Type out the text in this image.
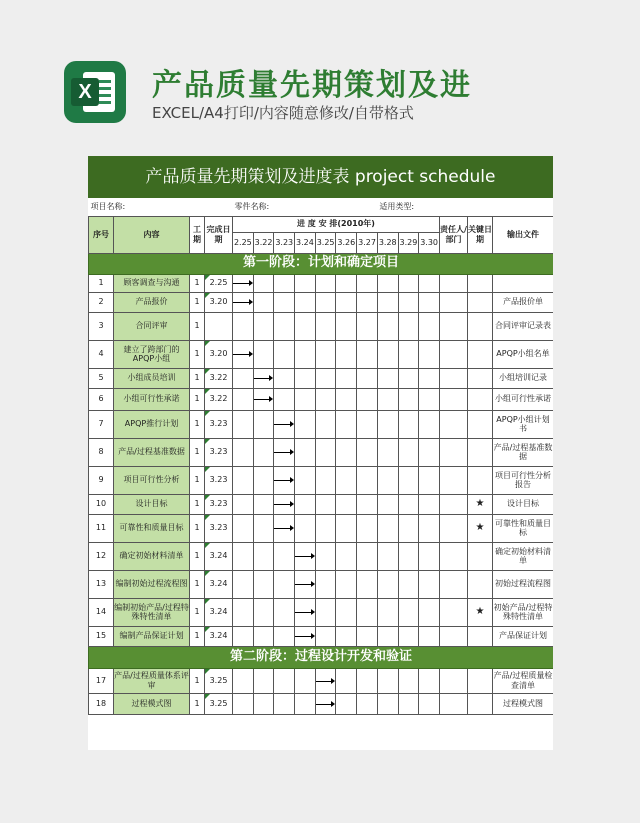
X 产品质量先期策划及进
EXCEL/A4打印/内容随意修改/自带格式
产品质量先期策划及进度表 project schedule
项目名称:				零件名称:							适用类型:					
序号	内容	工期	完成日期	进 度 安 排(2010年)										责任人/部门	关键日期	输出文件
				2.25	3.22	3.23	3.24	3.25	3.26	3.27	3.28	3.29	3.30			
第一阶段：计划和确定项目																
1	顾客调查与沟通	1	2.25													
2	产品报价	1	3.20													产品报价单
3	合同评审	1														合同评审记录表
4	建立了跨部门的APQP小组	1	3.20													APQP小组名单
5	小组成员培训	1	3.22													小组培训记录
6	小组可行性承诺	1	3.22													小组可行性承诺
7	APQP推行计划	1	3.23													APQP小组计划书
8	产品/过程基准数据	1	3.23													产品/过程基准数据
9	项目可行性分析	1	3.23													项目可行性分析报告
10	设计目标	1	3.23												★	设计目标
11	可靠性和质量目标	1	3.23												★	可靠性和质量目标
12	确定初始材料清单	1	3.24													确定初始材料清单
13	编制初始过程流程图	1	3.24													初始过程流程图
14	编制初始产品/过程特殊特性清单	1	3.24												★	初始产品/过程特殊特性清单
15	编制产品保证计划	1	3.24													产品保证计划
第二阶段：过程设计开发和验证																
17	产品/过程质量体系评审	1	3.25													产品/过程质量检查清单
18	过程模式图	1	3.25													过程模式图
